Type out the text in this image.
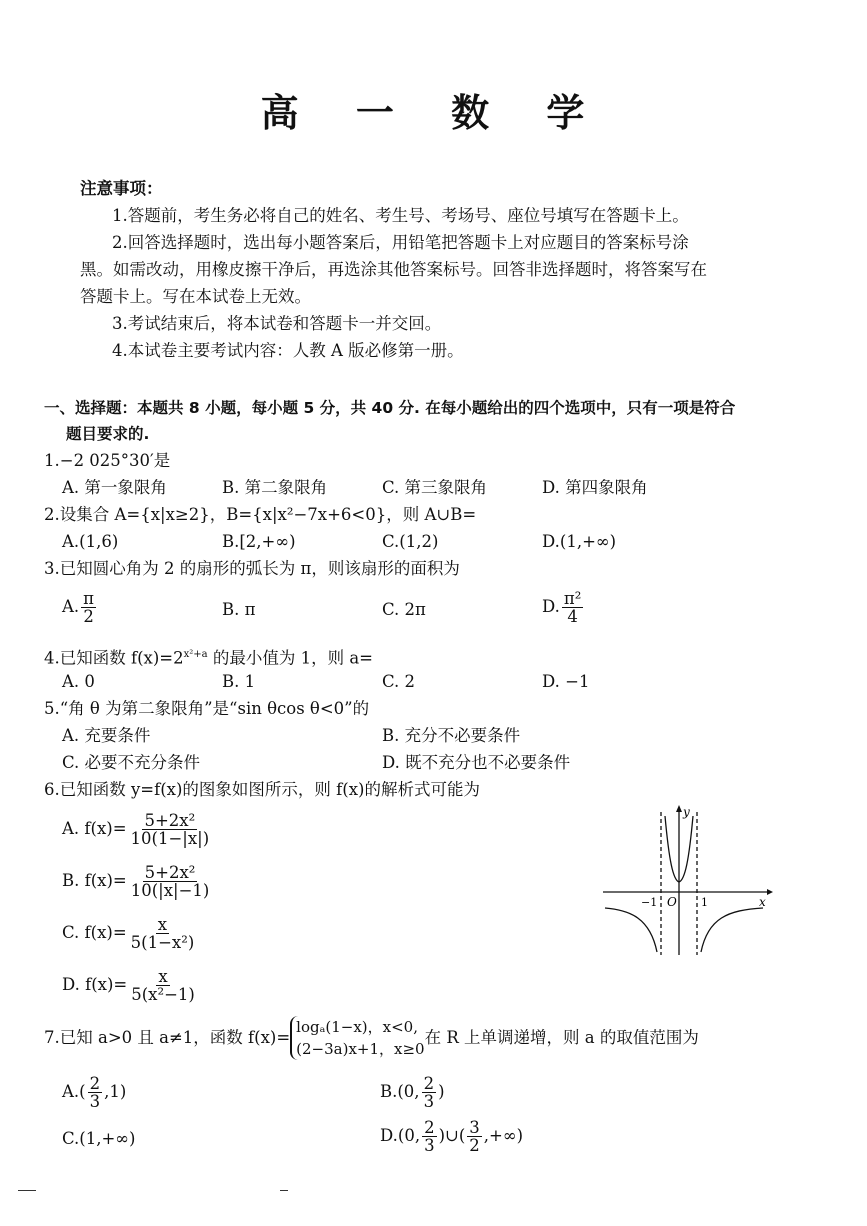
高 一 数 学
注意事项：
1.答题前，考生务必将自己的姓名、考生号、考场号、座位号填写在答题卡上。
2.回答选择题时，选出每小题答案后，用铅笔把答题卡上对应题目的答案标号涂
黑。如需改动，用橡皮擦干净后，再选涂其他答案标号。回答非选择题时，将答案写在
答题卡上。写在本试卷上无效。
3.考试结束后，将本试卷和答题卡一并交回。
4.本试卷主要考试内容：人教 A 版必修第一册。
一、选择题：本题共 8 小题，每小题 5 分，共 40 分. 在每小题给出的四个选项中，只有一项是符合
题目要求的.
1.−2 025°30′是
A. 第一象限角	B. 第二象限角	C. 第三象限角	D. 第四象限角
2.设集合 A={x|x≥2}，B={x|x²−7x+6<0}，则 A∪B=
A.(1,6)	B.[2,+∞)	C.(1,2)	D.(1,+∞)
3.已知圆心角为 2 的扇形的弧长为 π，则该扇形的面积为
A. $\frac{\pi}{2}$	B. π	C. 2π	D. $\frac{\text{π²}}{4}$
4.已知函数 $f(x)=2^{x^2+a}$ 的最小值为 1，则 a=
A. 0	B. 1	C. 2	D. −1
5.“角 θ 为第二象限角”是“sin θcos θ<0”的
A. 充要条件	B. 充分不必要条件
C. 必要不充分条件	D. 既不充分也不必要条件
6.已知函数 y=f(x)的图象如图所示，则 f(x)的解析式可能为
A. $f(x)= \frac{\text{5+2x²}}{10(1-|x|)}$
B. $f(x)= \frac{\text{5+2x²}}{10(|x|-1)}$
C. $f(x)= \frac{x}{\text{5(1−x²)}}$
D. $f(x)= \frac{x}{\text{5(x²−1)}}$
y
x
O
−1	1
7.已知 a>0 且 a≠1，函数 f(x)=
logₐ(1−x)，x<0,
(2−3a)x+1，x≥0
在 R 上单调递增，则 a 的取值范围为
$A.( \frac{2}{3} ,1)$	B.(0, $\frac{2}{3}$ )
C.(1,+∞)	D.(0, $\frac{2}{3}$ )∪( $\frac{3}{2}$ ,+∞)
